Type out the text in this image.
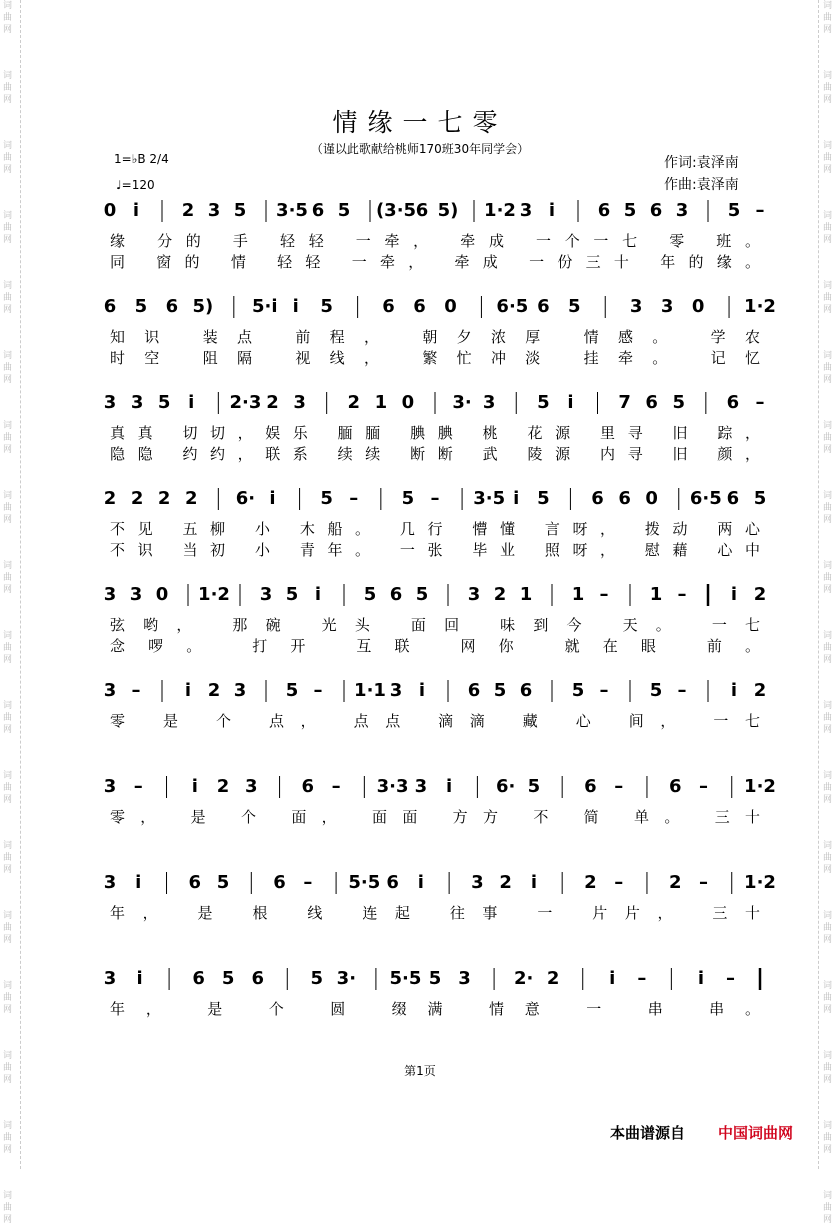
词曲网
词曲网
词曲网
词曲网
词曲网
词曲网
词曲网
词曲网
词曲网
词曲网
词曲网
词曲网
词曲网
词曲网
词曲网
词曲网
词曲网
词曲网
词曲网
词曲网
词曲网
词曲网
词曲网
词曲网
词曲网
词曲网
词曲网
词曲网
词曲网
词曲网
词曲网
词曲网
词曲网
词曲网
词曲网
词曲网
情缘一七零
（谨以此歌献给桃师170班30年同学会）
1=♭B 2/4
♩=120
作词:袁泽南
作曲:袁泽南
0 i 2 3 5 3·5 6 5 (3·5 6 5) 1·2 3 i 6 5 6 3 5 –
缘 分的 手 轻轻 一牵， 牵成 一个一七 零 班。
同 窗的 情 轻轻 一牵， 牵成 一份三十 年的缘。
6 5 6 5) 5·i i 5	6 6 0 6·5 6 5	3 3 0 1·2
知识 装点 前程， 朝夕浓厚 情感。 学农
时空 阻隔 视线， 繁忙冲淡 挂牵。 记忆
3 3 5 i 2·3 2 3 2 1 0 3· 3 5 i 7 6 5 6 –
真真 切切，娱乐 腼腼 腆腆 桃 花源 里寻 旧 踪，
隐隐 约约，联系 续续 断断 武 陵源 内寻 旧 颜，
2 2 2 2 6· i 5 – 5 – 3·5 i 5 6 6 0 6·5 6 5
不见 五柳 小 木船。 几行 懵懂 言呀， 拨动 两心
不识 当初 小 青年。 一张 毕业 照呀， 慰藉 心中
3 3 0 1·2 3 5 i 5 6 5 3 2 1 1 – 1 – i 2
弦哟， 那碗 光头 面回 味到今 天。 一七
念啰。 打开 互联 网你 就在眼 前。
3 – i 2 3 5 – 1·1 3 i 6 5 6 5 – 5 – i 2
零 是 个 点， 点点 滴滴 藏 心 间， 一七
3 –	i 2 3 6 – 3·3 3 i 6· 5 6 –	6 – 1·2
零， 是 个 面， 面面 方方 不 简 单。 三十
3 i	6 5 6 – 5·5 6 i	3 2 i	2 –	2 – 1·2
年， 是 根 线 连起 往事 一 片片， 三十
3 i	6 5 6	5 3· 5·5 5 3 2· 2	i –	i –
年， 是 个 圆 缀满 情意 一 串 串。
第1页
本曲谱源自 中国词曲网
